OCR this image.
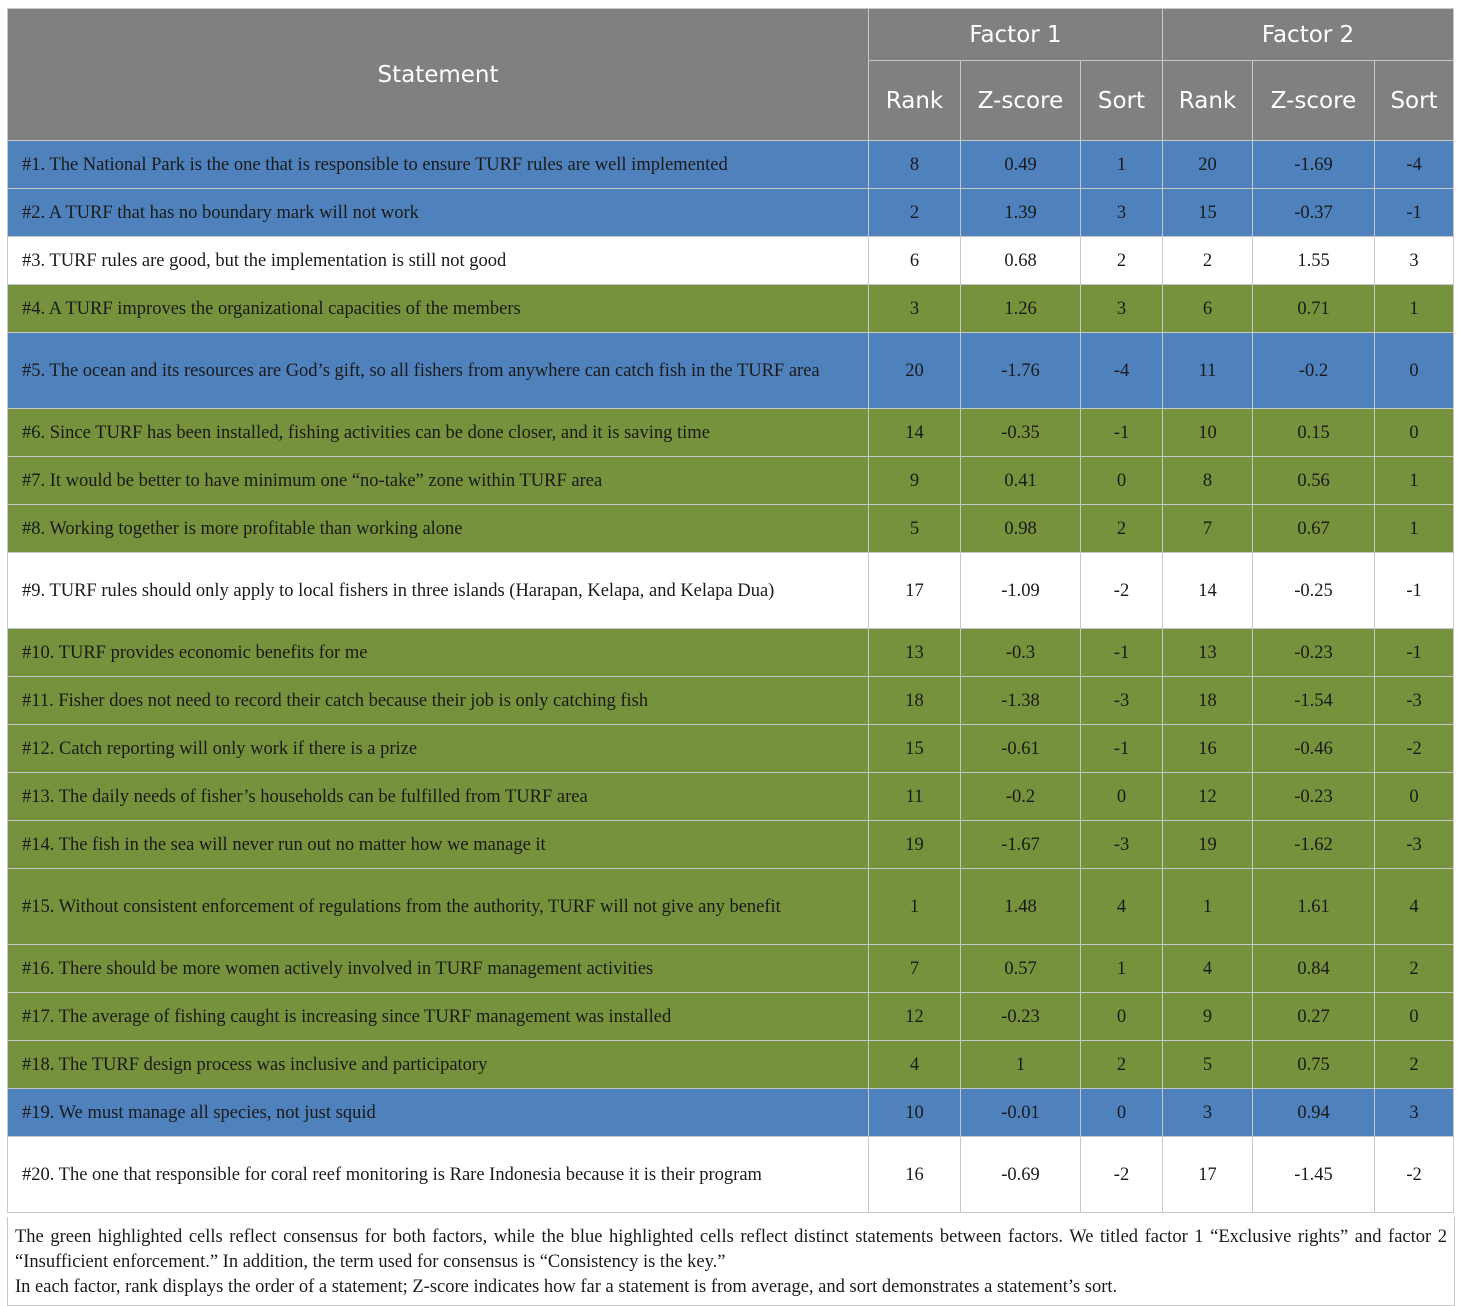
Statement	Factor 1			Factor 2		
	Rank	Z-score	Sort	Rank	Z-score	Sort
#1. The National Park is the one that is responsible to ensure TURF rules are well implemented	8	0.49	1	20	-1.69	-4
#2. A TURF that has no boundary mark will not work	2	1.39	3	15	-0.37	-1
#3. TURF rules are good, but the implementation is still not good	6	0.68	2	2	1.55	3
#4. A TURF improves the organizational capacities of the members	3	1.26	3	6	0.71	1
#5. The ocean and its resources are God’s gift, so all fishers from anywhere can catch fish in the TURF area	20	-1.76	-4	11	-0.2	0
#6. Since TURF has been installed, fishing activities can be done closer, and it is saving time	14	-0.35	-1	10	0.15	0
#7. It would be better to have minimum one “no-take” zone within TURF area	9	0.41	0	8	0.56	1
#8. Working together is more profitable than working alone	5	0.98	2	7	0.67	1
#9. TURF rules should only apply to local fishers in three islands (Harapan, Kelapa, and Kelapa Dua)	17	-1.09	-2	14	-0.25	-1
#10. TURF provides economic benefits for me	13	-0.3	-1	13	-0.23	-1
#11. Fisher does not need to record their catch because their job is only catching fish	18	-1.38	-3	18	-1.54	-3
#12. Catch reporting will only work if there is a prize	15	-0.61	-1	16	-0.46	-2
#13. The daily needs of fisher’s households can be fulfilled from TURF area	11	-0.2	0	12	-0.23	0
#14. The fish in the sea will never run out no matter how we manage it	19	-1.67	-3	19	-1.62	-3
#15. Without consistent enforcement of regulations from the authority, TURF will not give any benefit	1	1.48	4	1	1.61	4
#16. There should be more women actively involved in TURF management activities	7	0.57	1	4	0.84	2
#17. The average of fishing caught is increasing since TURF management was installed	12	-0.23	0	9	0.27	0
#18. The TURF design process was inclusive and participatory	4	1	2	5	0.75	2
#19. We must manage all species, not just squid	10	-0.01	0	3	0.94	3
#20. The one that responsible for coral reef monitoring is Rare Indonesia because it is their program	16	-0.69	-2	17	-1.45	-2

The green highlighted cells reflect consensus for both factors, while the blue highlighted cells reflect distinct statements between factors. We titled factor 1 “Exclusive rights” and factor 2 “Insufficient enforcement.” In addition, the term used for consensus is “Consistency is the key.”

In each factor, rank displays the order of a statement; Z-score indicates how far a statement is from average, and sort demonstrates a statement’s sort.
